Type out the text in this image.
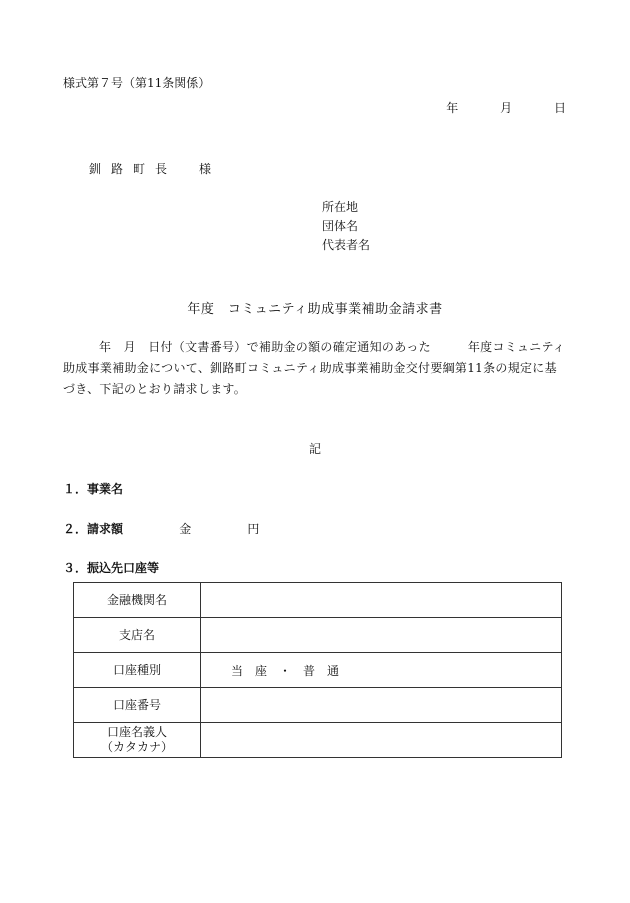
様式第７号（第11条関係）
年	月	日
釧路町長　様
所在地
団体名
代表者名
年度　コミュニティ助成事業補助金請求書
年　月　日付（文書番号）で補助金の額の確定通知のあった　　　年度コミュニティ助成事業補助金について、釧路町コミュニティ助成事業補助金交付要綱第11条の規定に基づき、下記のとおり請求します。
記
１．事業名
２．請求額	金	円
３．振込先口座等
金融機関名	
支店名	
口座種別	当　座　・　普　通
口座番号	

口座名義人
（カタカナ）	
